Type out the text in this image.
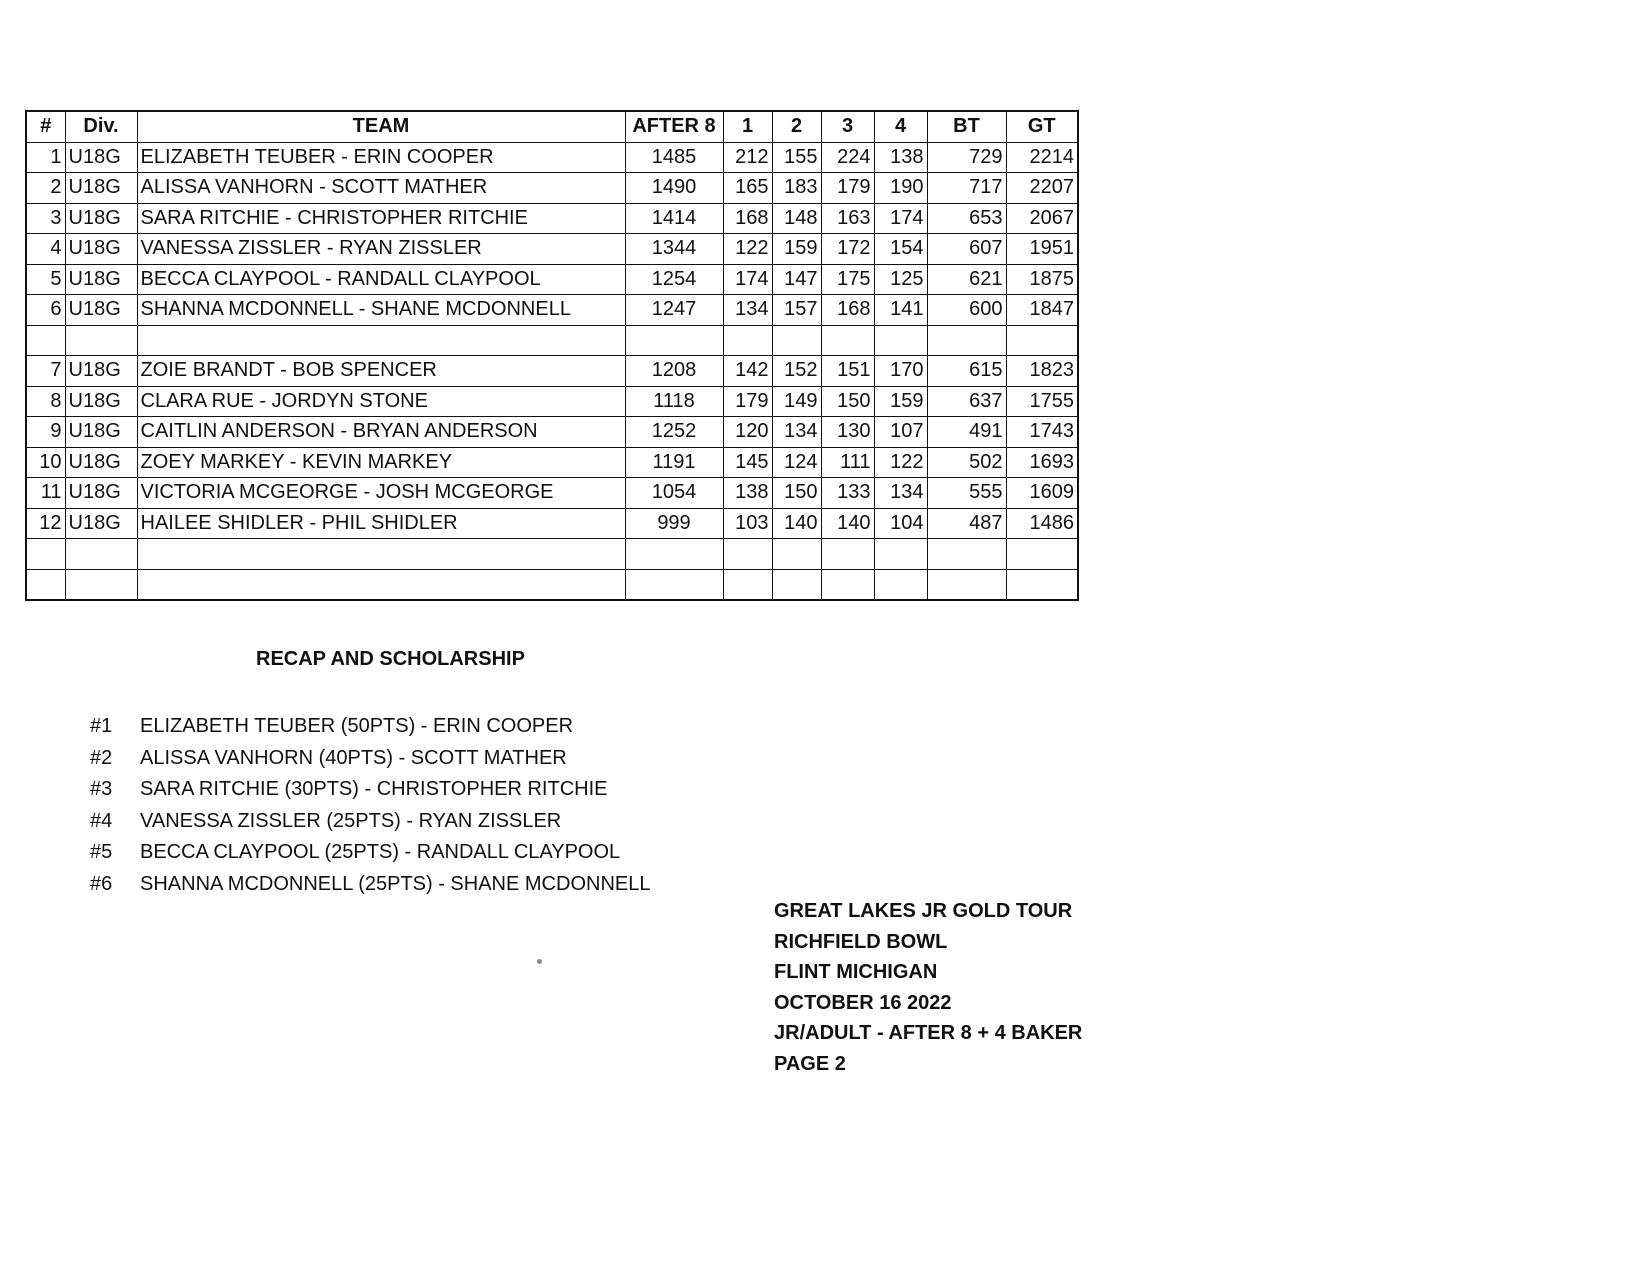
#	Div.	TEAM	AFTER 8	1	2	3	4	BT	GT
1	U18G	ELIZABETH TEUBER - ERIN COOPER	1485	212	155	224	138	729	2214
2	U18G	ALISSA VANHORN - SCOTT MATHER	1490	165	183	179	190	717	2207
3	U18G	SARA RITCHIE - CHRISTOPHER RITCHIE	1414	168	148	163	174	653	2067
4	U18G	VANESSA ZISSLER - RYAN ZISSLER	1344	122	159	172	154	607	1951
5	U18G	BECCA CLAYPOOL - RANDALL CLAYPOOL	1254	174	147	175	125	621	1875
6	U18G	SHANNA MCDONNELL - SHANE MCDONNELL	1247	134	157	168	141	600	1847

7	U18G	ZOIE BRANDT - BOB SPENCER	1208	142	152	151	170	615	1823
8	U18G	CLARA RUE - JORDYN STONE	1118	179	149	150	159	637	1755
9	U18G	CAITLIN ANDERSON - BRYAN ANDERSON	1252	120	134	130	107	491	1743
10	U18G	ZOEY MARKEY - KEVIN MARKEY	1191	145	124	111	122	502	1693
11	U18G	VICTORIA MCGEORGE - JOSH MCGEORGE	1054	138	150	133	134	555	1609
12	U18G	HAILEE SHIDLER - PHIL SHIDLER	999	103	140	140	104	487	1486

RECAP AND SCHOLARSHIP
#1 ELIZABETH TEUBER (50PTS) - ERIN COOPER
#2 ALISSA VANHORN (40PTS) - SCOTT MATHER
#3 SARA RITCHIE (30PTS) - CHRISTOPHER RITCHIE
#4 VANESSA ZISSLER (25PTS) - RYAN ZISSLER
#5 BECCA CLAYPOOL (25PTS) - RANDALL CLAYPOOL
#6 SHANNA MCDONNELL (25PTS) - SHANE MCDONNELL
GREAT LAKES JR GOLD TOUR
RICHFIELD BOWL
FLINT MICHIGAN
OCTOBER 16 2022
JR/ADULT - AFTER 8 + 4 BAKER
PAGE 2
